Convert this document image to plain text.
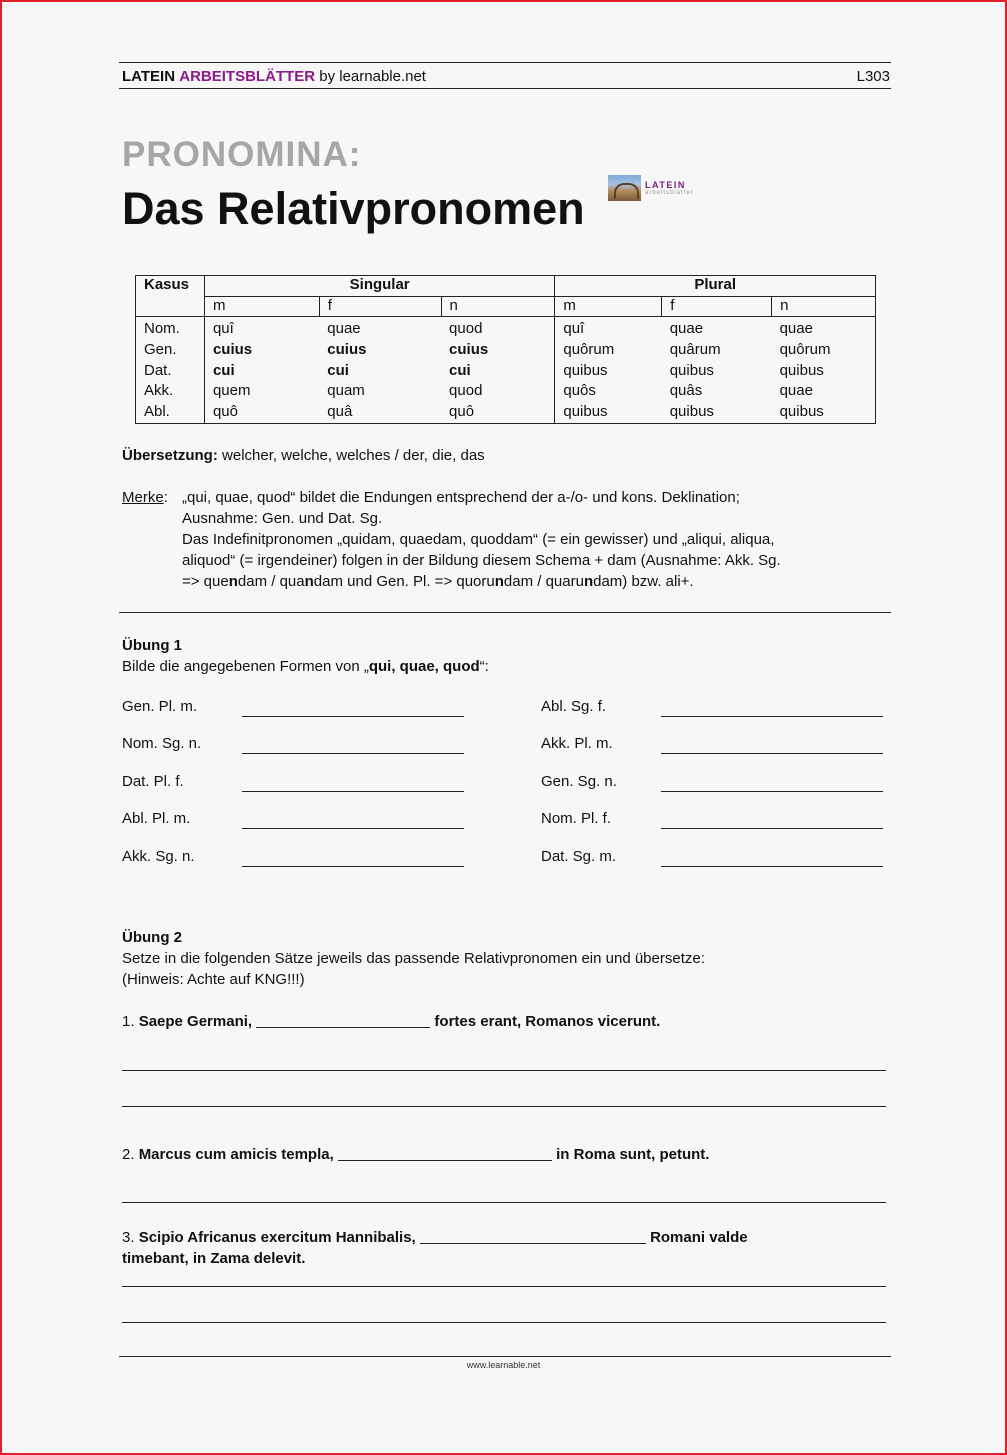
LATEIN ARBEITSBLÄTTER by learnable.net	L303
PRONOMINA:
Das Relativpronomen	LATEIN
arbeitsblätter
Kasus	Singular			Plural		
	m	f	n	m	f	n
Nom.	quî	quae	quod	quî	quae	quae
Gen.	cuius	cuius	cuius	quôrum	quârum	quôrum
Dat.	cui	cui	cui	quibus	quibus	quibus
Akk.	quem	quam	quod	quôs	quâs	quae
Abl.	quô	quâ	quô	quibus	quibus	quibus
Übersetzung: welcher, welche, welches / der, die, das
Merke: „qui, quae, quod“ bildet die Endungen entsprechend der a-/o- und kons. Deklination;
Ausnahme: Gen. und Dat. Sg.
Das Indefinitpronomen „quidam, quaedam, quoddam“ (= ein gewisser) und „aliqui, aliqua,
aliquod“ (= irgendeiner) folgen in der Bildung diesem Schema + dam (Ausnahme: Akk. Sg.
=> quendam / quandam und Gen. Pl. => quorundam / quarundam) bzw. ali+.
Übung 1
Bilde die angegebenen Formen von „qui, quae, quod“:
Gen. Pl. m.
Nom. Sg. n.
Dat. Pl. f.
Abl. Pl. m.
Akk. Sg. n.
Abl. Sg. f.
Akk. Pl. m.
Gen. Sg. n.
Nom. Pl. f.
Dat. Sg. m.
Übung 2
Setze in die folgenden Sätze jeweils das passende Relativpronomen ein und übersetze:
(Hinweis: Achte auf KNG!!!)
1. Saepe Germani,	fortes erant, Romanos vicerunt.
2. Marcus cum amicis templa,	in Roma sunt, petunt.
3. Scipio Africanus exercitum Hannibalis,	Romani valde
timebant, in Zama delevit.
www.learnable.net
